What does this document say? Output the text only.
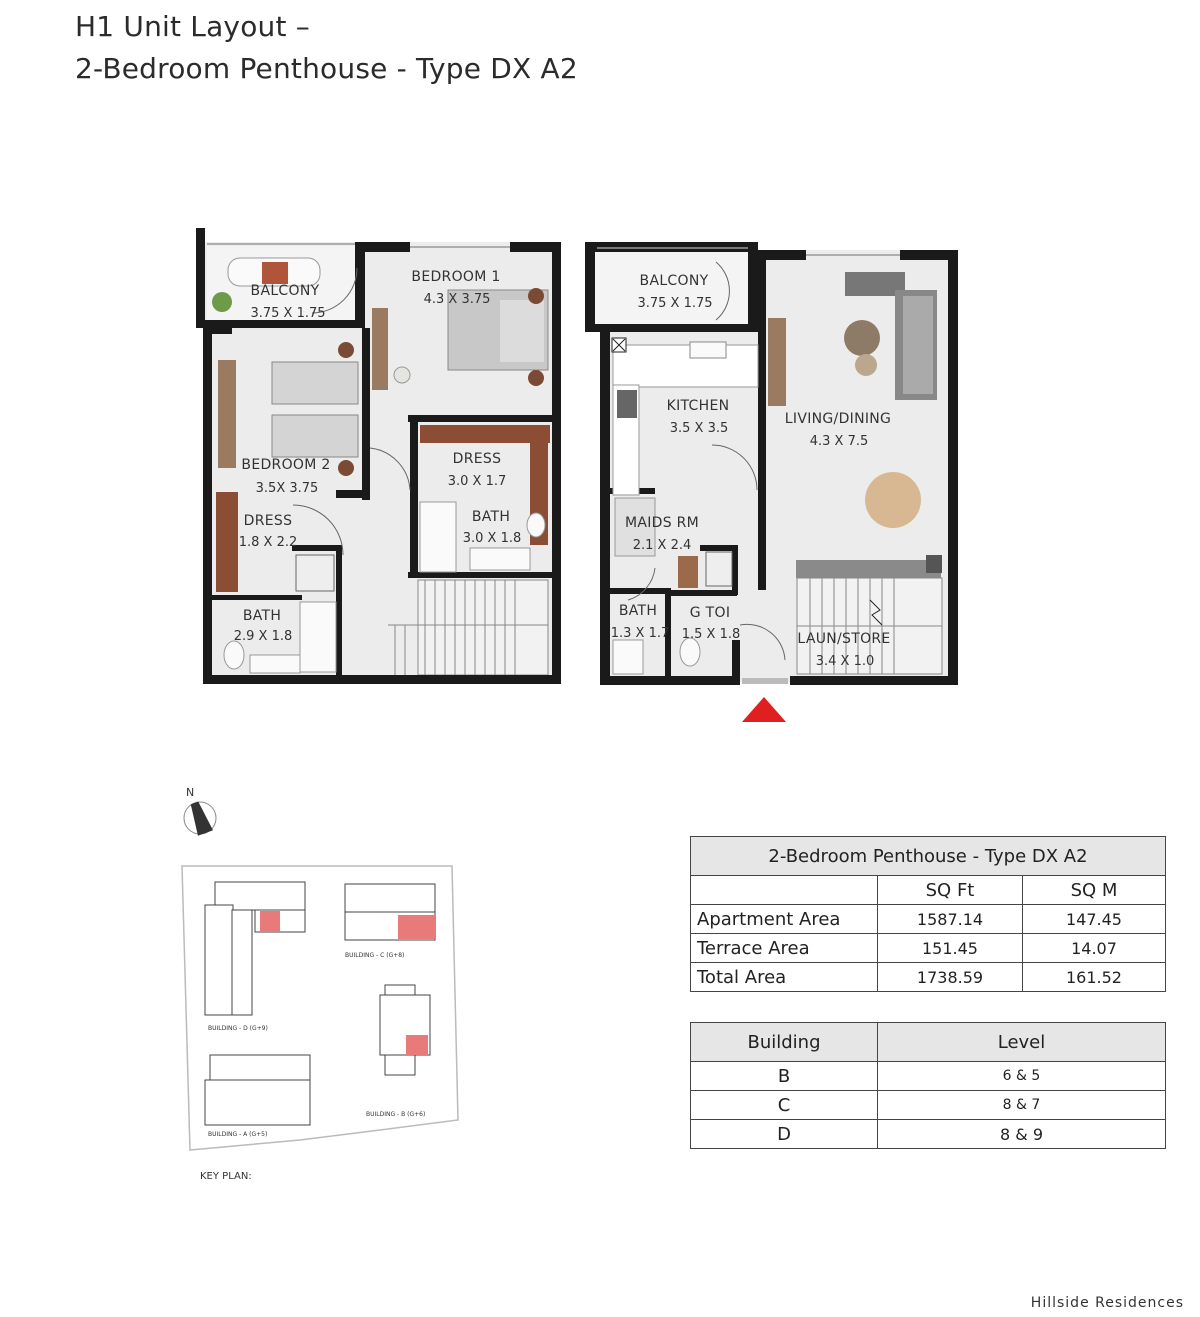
H1 Unit Layout –
2-Bedroom Penthouse - Type DX A2
BALCONY
3.75 X 1.75
BEDROOM 1
4.3 X 3.75
BEDROOM 2
3.5X 3.75
DRESS
3.0 X 1.7
DRESS
1.8 X 2.2
BATH
3.0 X 1.8
BATH
2.9 X 1.8
BALCONY
3.75 X 1.75
KITCHEN
3.5 X 3.5
LIVING/DINING
4.3 X 7.5
MAIDS RM
2.1 X 2.4
BATH
1.3 X 1.7
G TOI
1.5 X 1.8	LAUN/STORE
3.4 X 1.0
N
BUILDING - D (G+9)
BUILDING - C (G+8)
BUILDING - B (G+6)
BUILDING - A (G+5)
KEY PLAN:
2-Bedroom Penthouse - Type DX A2		
	SQ Ft	SQ M
Apartment Area	1587.14	147.45
Terrace Area	151.45	14.07
Total Area	1738.59	161.52
Building	Level
B	6 & 5
C	8 & 7
D	8 & 9
Hillside Residences
